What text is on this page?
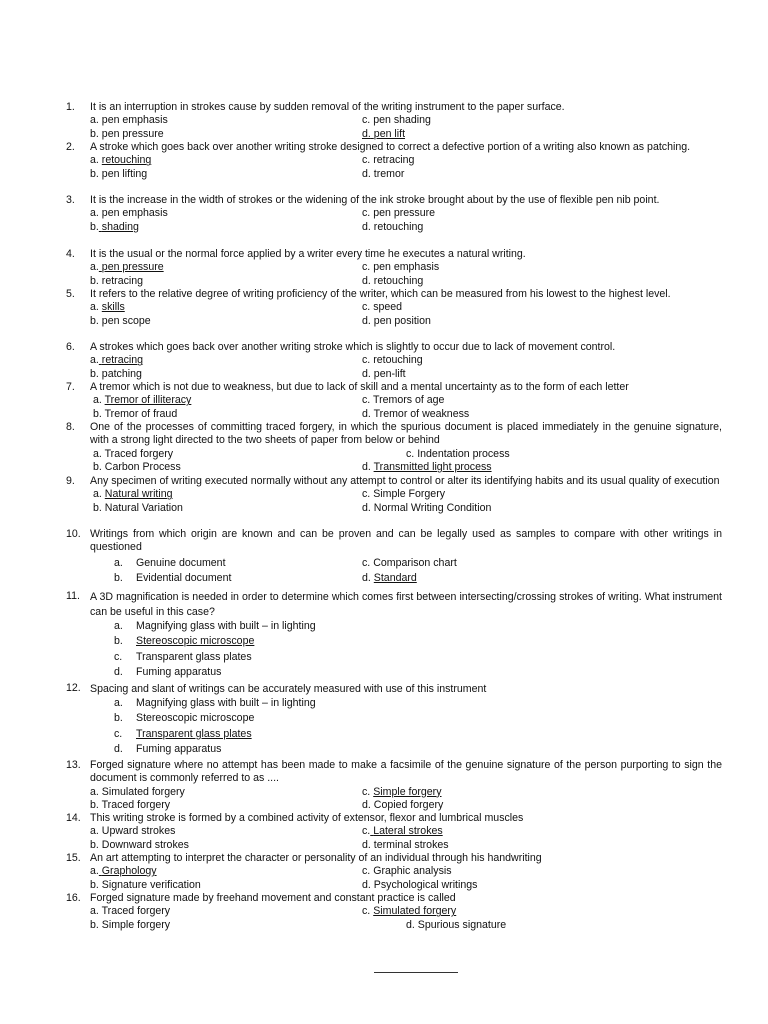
1. It is an interruption in strokes cause by sudden removal of the writing instrument to the paper surface.
a. pen emphasis	c. pen shading
b. pen pressure	d. pen lift
2. A stroke which goes back over another writing stroke designed to correct a defective portion of a writing also known as patching.
a. retouching	c. retracing
b. pen lifting	d. tremor
3. It is the increase in the width of strokes or the widening of the ink stroke brought about by the use of flexible pen nib point.
a. pen emphasis	c. pen pressure
b. shading	d. retouching
4. It is the usual or the normal force applied by a writer every time he executes a natural writing.
a. pen pressure	c. pen emphasis
b. retracing	d. retouching
5. It refers to the relative degree of writing proficiency of the writer, which can be measured from his lowest to the highest level.
a. skills	c. speed
b. pen scope	d. pen position
6. A strokes which goes back over another writing stroke which is slightly to occur due to lack of movement control.
a. retracing	c. retouching
b. patching	d. pen-lift
7. A tremor which is not due to weakness, but due to lack of skill and a mental uncertainty as to the form of each letter
a. Tremor of illiteracy	c. Tremors of age
b. Tremor of fraud	d. Tremor of weakness
8. One of the processes of committing traced forgery, in which the spurious document is placed immediately in the genuine signature, with a strong light directed to the two sheets of paper from below or behind
a. Traced forgery	c. Indentation process
b. Carbon Process	d. Transmitted light process
9. Any specimen of writing executed normally without any attempt to control or alter its identifying habits and its usual quality of execution
a. Natural writing	c. Simple Forgery
b. Natural Variation	d. Normal Writing Condition
10. Writings from which origin are known and can be proven and can be legally used as samples to compare with other writings in questioned
a. Genuine document	c. Comparison chart
b. Evidential document	d. Standard
11. A 3D magnification is needed in order to determine which comes first between intersecting/crossing strokes of writing. What instrument can be useful in this case?
a. Magnifying glass with built – in lighting
b. Stereoscopic microscope
c. Transparent glass plates
d. Fuming apparatus
12. Spacing and slant of writings can be accurately measured with use of this instrument
a. Magnifying glass with built – in lighting
b. Stereoscopic microscope
c. Transparent glass plates
d. Fuming apparatus
13. Forged signature where no attempt has been made to make a facsimile of the genuine signature of the person purporting to sign the document is commonly referred to as ....
a. Simulated forgery	c. Simple forgery
b. Traced forgery	d. Copied forgery
14. This writing stroke is formed by a combined activity of extensor, flexor and lumbrical muscles
a. Upward strokes	c. Lateral strokes
b. Downward strokes	d. terminal strokes
15. An art attempting to interpret the character or personality of an individual through his handwriting
a. Graphology	c. Graphic analysis
b. Signature verification	d. Psychological writings
16. Forged signature made by freehand movement and constant practice is called
a. Traced forgery	c. Simulated forgery
b. Simple forgery	d. Spurious signature
